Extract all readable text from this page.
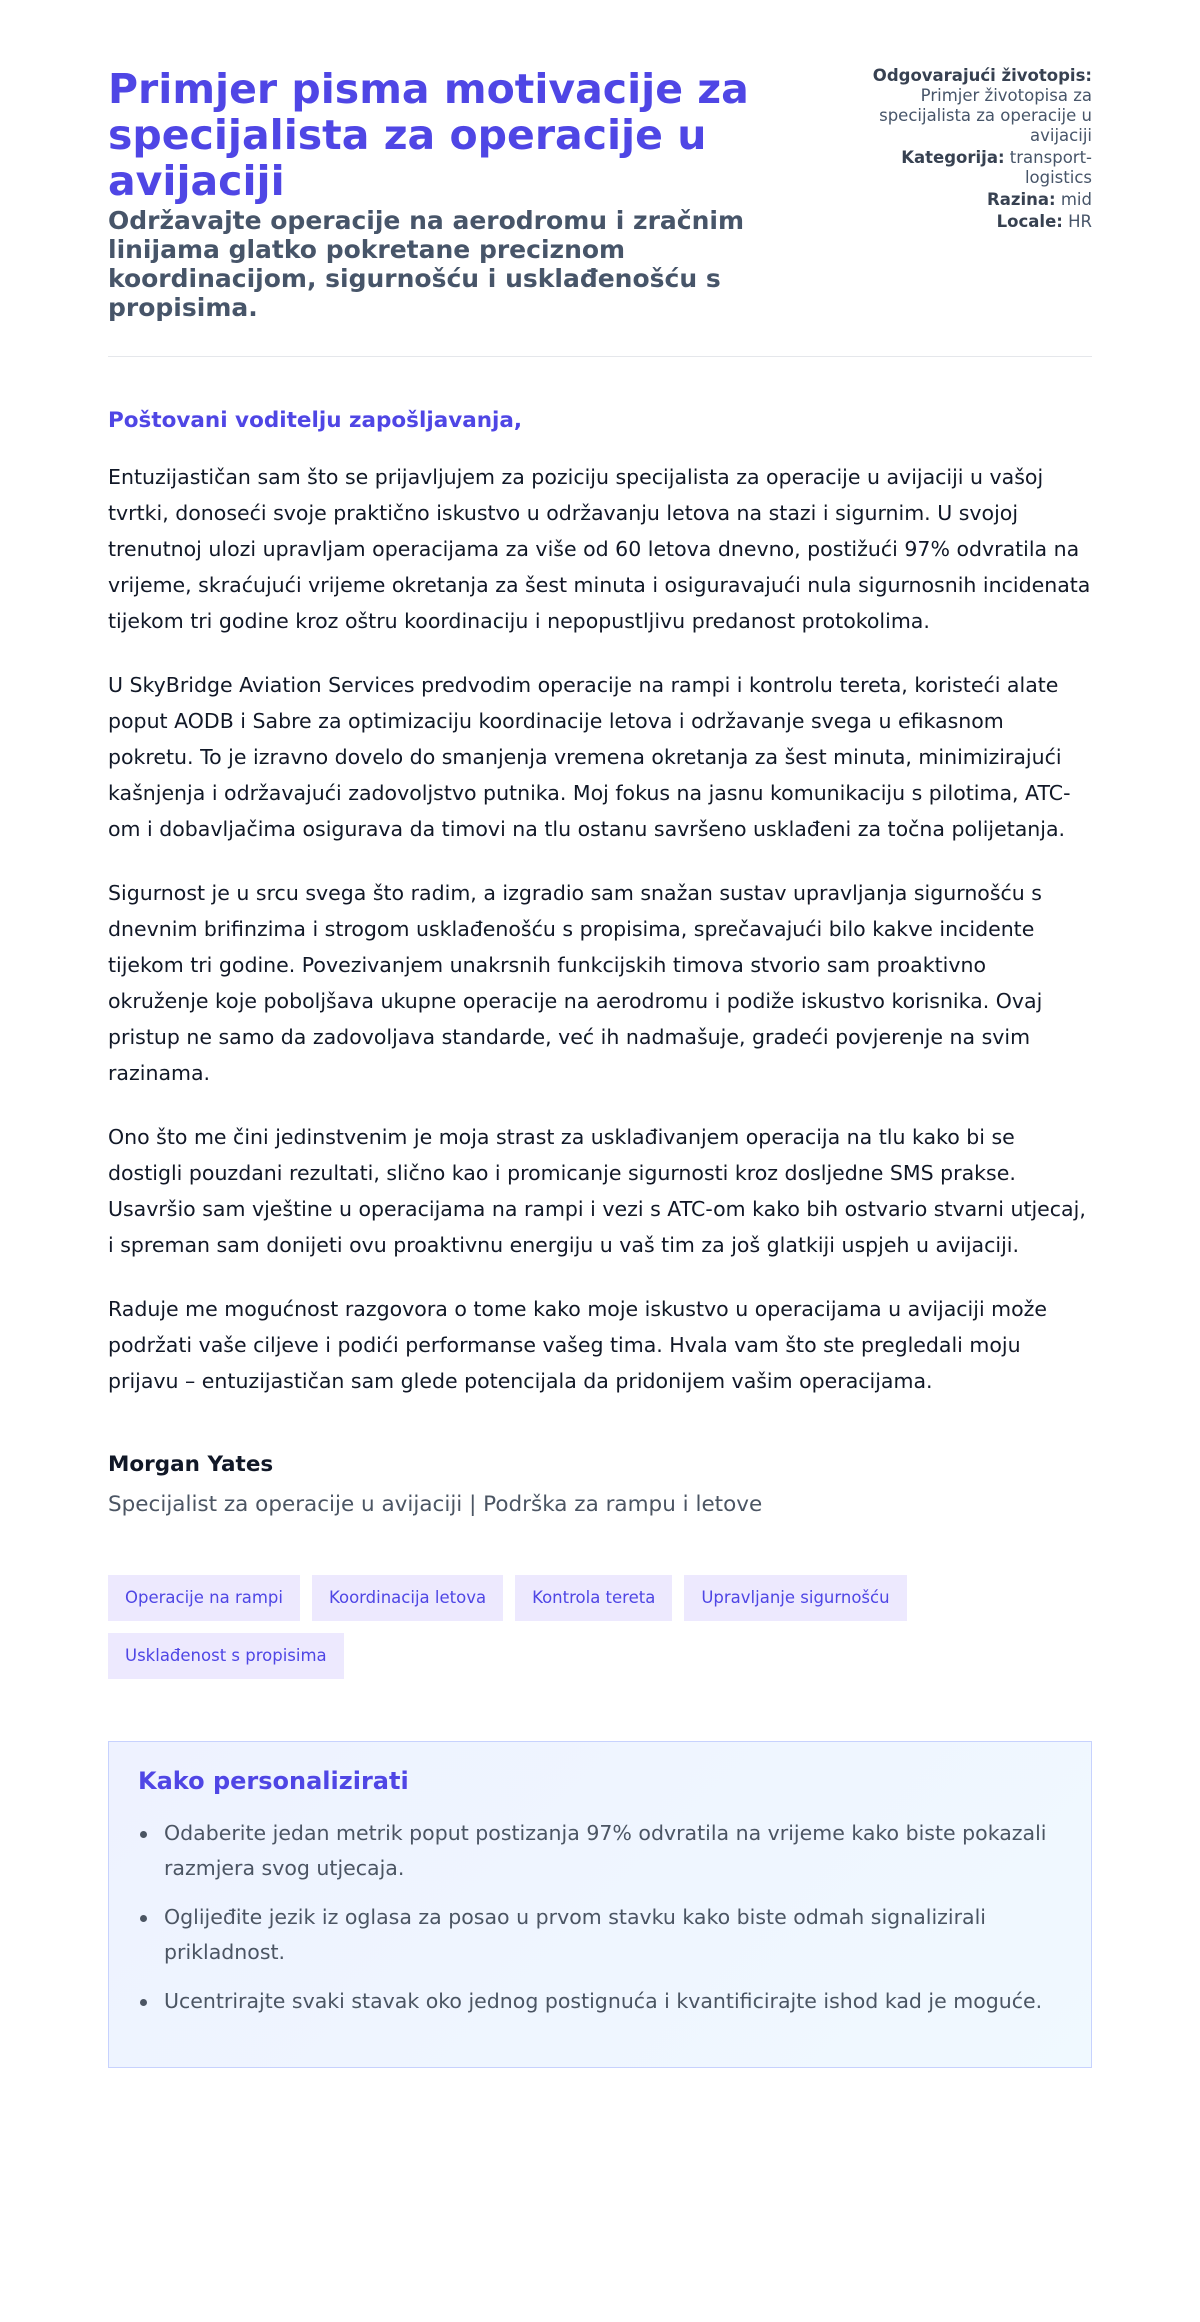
Primjer pisma motivacije za specijalista za operacije u avijaciji
Održavajte operacije na aerodromu i zračnim linijama glatko pokretane preciznom koordinacijom, sigurnošću i usklađenošću s propisima.
Odgovarajući životopis: Primjer životopisa za specijalista za operacije u avijaciji
Kategorija: transport-logistics
Razina: mid
Locale: HR
Poštovani voditelju zapošljavanja,

Entuzijastičan sam što se prijavljujem za poziciju specijalista za operacije u avijaciji u vašoj tvrtki, donoseći svoje praktično iskustvo u održavanju letova na stazi i sigurnim. U svojoj trenutnoj ulozi upravljam operacijama za više od 60 letova dnevno, postižući 97% odvratila na vrijeme, skraćujući vrijeme okretanja za šest minuta i osiguravajući nula sigurnosnih incidenata tijekom tri godine kroz oštru koordinaciju i nepopustljivu predanost protokolima.

U SkyBridge Aviation Services predvodim operacije na rampi i kontrolu tereta, koristeći alate poput AODB i Sabre za optimizaciju koordinacije letova i održavanje svega u efikasnom pokretu. To je izravno dovelo do smanjenja vremena okretanja za šest minuta, minimizirajući kašnjenja i održavajući zadovoljstvo putnika. Moj fokus na jasnu komunikaciju s pilotima, ATC-om i dobavljačima osigurava da timovi na tlu ostanu savršeno usklađeni za točna polijetanja.

Sigurnost je u srcu svega što radim, a izgradio sam snažan sustav upravljanja sigurnošću s dnevnim brifinzima i strogom usklađenošću s propisima, sprečavajući bilo kakve incidente tijekom tri godine. Povezivanjem unakrsnih funkcijskih timova stvorio sam proaktivno okruženje koje poboljšava ukupne operacije na aerodromu i podiže iskustvo korisnika. Ovaj pristup ne samo da zadovoljava standarde, već ih nadmašuje, gradeći povjerenje na svim razinama.

Ono što me čini jedinstvenim je moja strast za usklađivanjem operacija na tlu kako bi se dostigli pouzdani rezultati, slično kao i promicanje sigurnosti kroz dosljedne SMS prakse. Usavršio sam vještine u operacijama na rampi i vezi s ATC-om kako bih ostvario stvarni utjecaj, i spreman sam donijeti ovu proaktivnu energiju u vaš tim za još glatkiji uspjeh u avijaciji.

Raduje me mogućnost razgovora o tome kako moje iskustvo u operacijama u avijaciji može podržati vaše ciljeve i podići performanse vašeg tima. Hvala vam što ste pregledali moju prijavu – entuzijastičan sam glede potencijala da pridonijem vašim operacijama.

Morgan Yates
Specijalist za operacije u avijaciji | Podrška za rampu i letove
Operacije na rampi	Koordinacija letova	Kontrola tereta	Upravljanje sigurnošću
Usklađenost s propisima
Kako personalizirati
Odaberite jedan metrik poput postizanja 97% odvratila na vrijeme kako biste pokazali razmjera svog utjecaja.
Oglijeđite jezik iz oglasa za posao u prvom stavku kako biste odmah signalizirali prikladnost.
Ucentrirajte svaki stavak oko jednog postignuća i kvantificirajte ishod kad je moguće.
